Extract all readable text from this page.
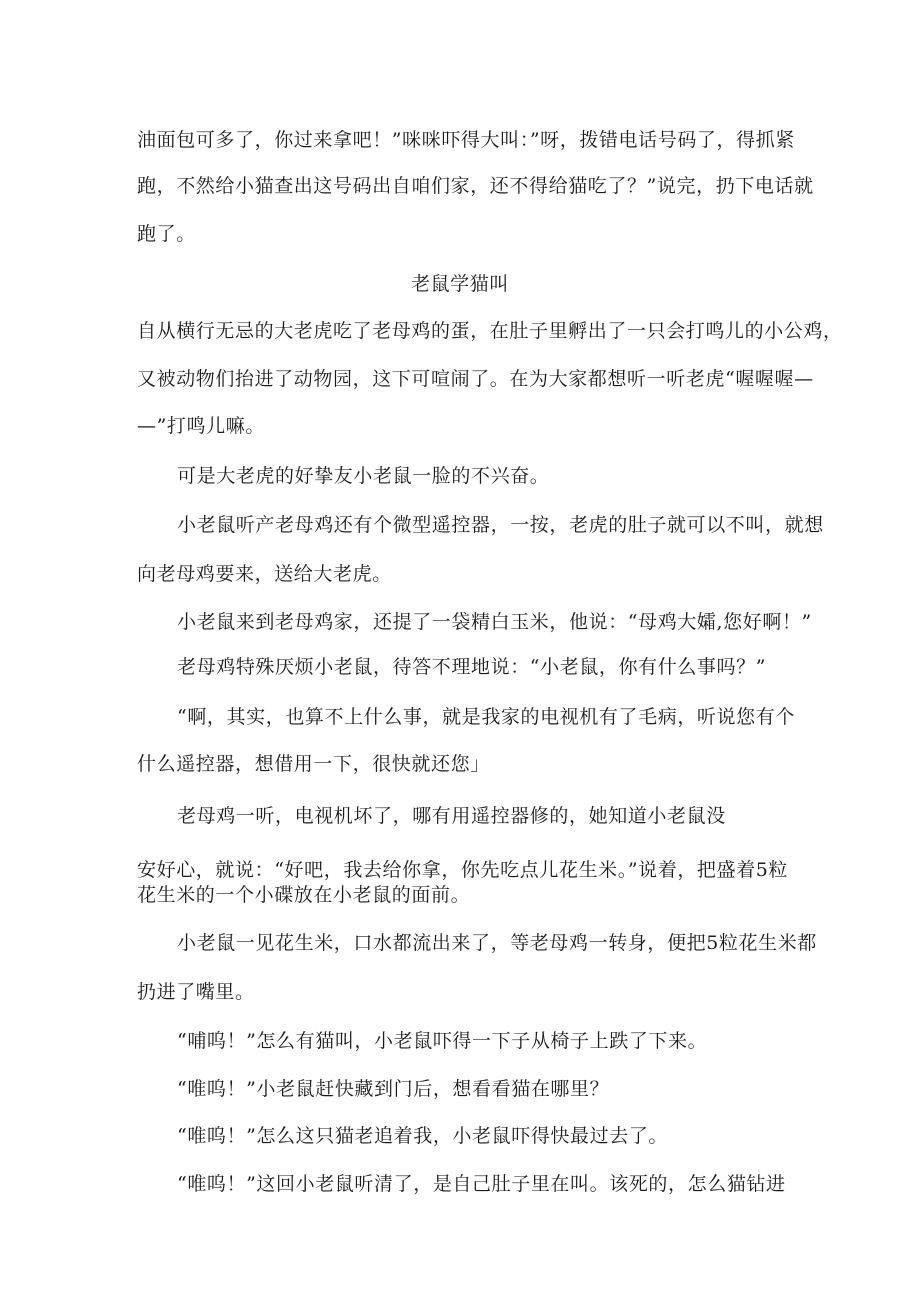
油面包可多了，你过来拿吧！”咪咪吓得大叫：”呀，拨错电话号码了，得抓紧
跑，不然给小猫查出这号码出自咱们家，还不得给猫吃了？”说完，扔下电话就
跑了。
老鼠学猫叫
自从横行无忌的大老虎吃了老母鸡的蛋，在肚子里孵出了一只会打鸣儿的小公鸡，
又被动物们抬进了动物园，这下可喧闹了。在为大家都想听一听老虎“喔喔喔—
—”打鸣儿嘛。
可是大老虎的好挚友小老鼠一脸的不兴奋。
小老鼠听产老母鸡还有个微型遥控器，一按，老虎的肚子就可以不叫，就想
向老母鸡要来，送给大老虎。
小老鼠来到老母鸡家，还提了一袋精白玉米，他说：“母鸡大孀,您好啊！”
老母鸡特殊厌烦小老鼠，待答不理地说：“小老鼠，你有什么事吗？”
“啊，其实，也算不上什么事，就是我家的电视机有了毛病，听说您有个
什么遥控器，想借用一下，很快就还您」
老母鸡一听，电视机坏了，哪有用遥控器修的，她知道小老鼠没
安好心，就说：“好吧，我去给你拿，你先吃点儿花生米。”说着，把盛着5粒
花生米的一个小碟放在小老鼠的面前。
小老鼠一见花生米，口水都流出来了，等老母鸡一转身，便把5粒花生米都
扔进了嘴里。
“哺呜！”怎么有猫叫，小老鼠吓得一下子从椅子上跌了下来。
“唯呜！”小老鼠赶快藏到门后，想看看猫在哪里？
“唯呜！”怎么这只猫老追着我，小老鼠吓得快最过去了。
“唯呜！”这回小老鼠听清了，是自己肚子里在叫。该死的，怎么猫钻进
